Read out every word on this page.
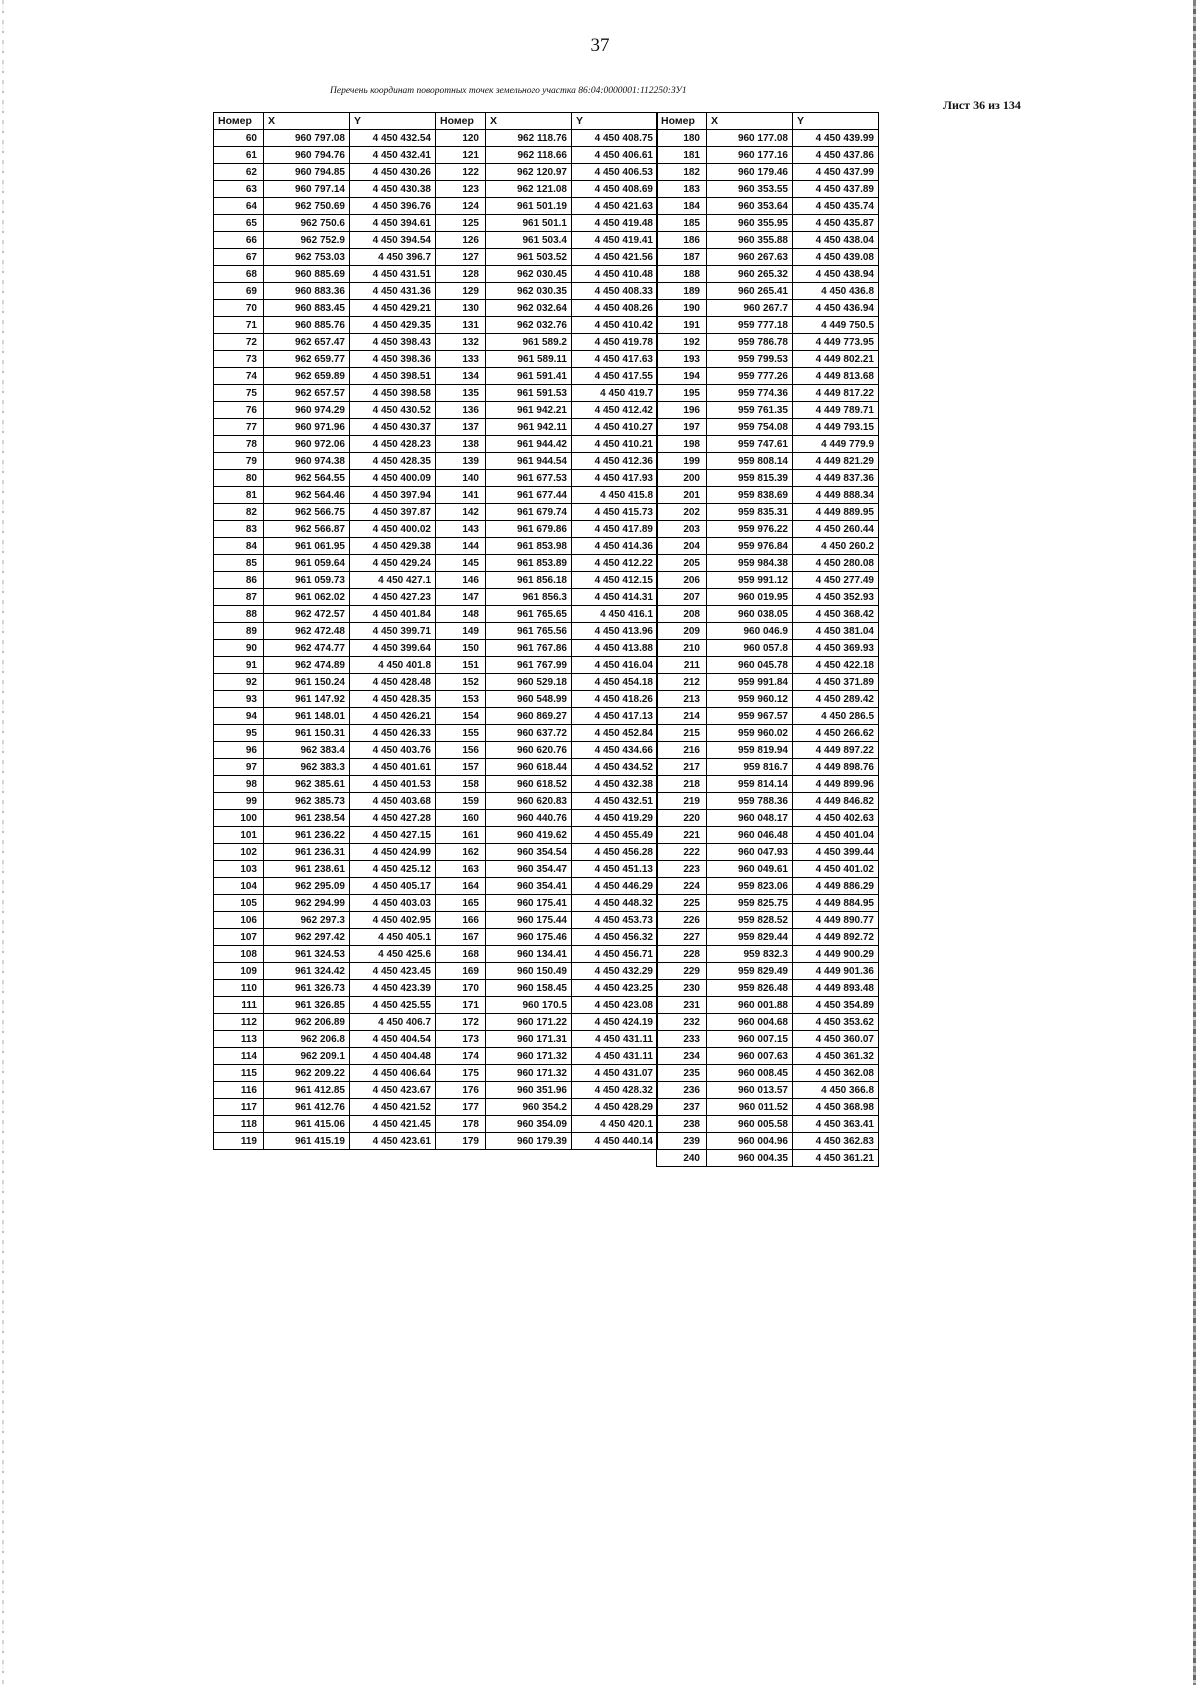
37
Перечень координат поворотных точек земельного участка 86:04:0000001:112250:ЗУ1
Лист 36 из 134
Номер	X	Y
60	960 797.08	4 450 432.54
61	960 794.76	4 450 432.41
62	960 794.85	4 450 430.26
63	960 797.14	4 450 430.38
64	962 750.69	4 450 396.76
65	962 750.6	4 450 394.61
66	962 752.9	4 450 394.54
67	962 753.03	4 450 396.7
68	960 885.69	4 450 431.51
69	960 883.36	4 450 431.36
70	960 883.45	4 450 429.21
71	960 885.76	4 450 429.35
72	962 657.47	4 450 398.43
73	962 659.77	4 450 398.36
74	962 659.89	4 450 398.51
75	962 657.57	4 450 398.58
76	960 974.29	4 450 430.52
77	960 971.96	4 450 430.37
78	960 972.06	4 450 428.23
79	960 974.38	4 450 428.35
80	962 564.55	4 450 400.09
81	962 564.46	4 450 397.94
82	962 566.75	4 450 397.87
83	962 566.87	4 450 400.02
84	961 061.95	4 450 429.38
85	961 059.64	4 450 429.24
86	961 059.73	4 450 427.1
87	961 062.02	4 450 427.23
88	962 472.57	4 450 401.84
89	962 472.48	4 450 399.71
90	962 474.77	4 450 399.64
91	962 474.89	4 450 401.8
92	961 150.24	4 450 428.48
93	961 147.92	4 450 428.35
94	961 148.01	4 450 426.21
95	961 150.31	4 450 426.33
96	962 383.4	4 450 403.76
97	962 383.3	4 450 401.61
98	962 385.61	4 450 401.53
99	962 385.73	4 450 403.68
100	961 238.54	4 450 427.28
101	961 236.22	4 450 427.15
102	961 236.31	4 450 424.99
103	961 238.61	4 450 425.12
104	962 295.09	4 450 405.17
105	962 294.99	4 450 403.03
106	962 297.3	4 450 402.95
107	962 297.42	4 450 405.1
108	961 324.53	4 450 425.6
109	961 324.42	4 450 423.45
110	961 326.73	4 450 423.39
111	961 326.85	4 450 425.55
112	962 206.89	4 450 406.7
113	962 206.8	4 450 404.54
114	962 209.1	4 450 404.48
115	962 209.22	4 450 406.64
116	961 412.85	4 450 423.67
117	961 412.76	4 450 421.52
118	961 415.06	4 450 421.45
119	961 415.19	4 450 423.61
Номер	X	Y
120	962 118.76	4 450 408.75
121	962 118.66	4 450 406.61
122	962 120.97	4 450 406.53
123	962 121.08	4 450 408.69
124	961 501.19	4 450 421.63
125	961 501.1	4 450 419.48
126	961 503.4	4 450 419.41
127	961 503.52	4 450 421.56
128	962 030.45	4 450 410.48
129	962 030.35	4 450 408.33
130	962 032.64	4 450 408.26
131	962 032.76	4 450 410.42
132	961 589.2	4 450 419.78
133	961 589.11	4 450 417.63
134	961 591.41	4 450 417.55
135	961 591.53	4 450 419.7
136	961 942.21	4 450 412.42
137	961 942.11	4 450 410.27
138	961 944.42	4 450 410.21
139	961 944.54	4 450 412.36
140	961 677.53	4 450 417.93
141	961 677.44	4 450 415.8
142	961 679.74	4 450 415.73
143	961 679.86	4 450 417.89
144	961 853.98	4 450 414.36
145	961 853.89	4 450 412.22
146	961 856.18	4 450 412.15
147	961 856.3	4 450 414.31
148	961 765.65	4 450 416.1
149	961 765.56	4 450 413.96
150	961 767.86	4 450 413.88
151	961 767.99	4 450 416.04
152	960 529.18	4 450 454.18
153	960 548.99	4 450 418.26
154	960 869.27	4 450 417.13
155	960 637.72	4 450 452.84
156	960 620.76	4 450 434.66
157	960 618.44	4 450 434.52
158	960 618.52	4 450 432.38
159	960 620.83	4 450 432.51
160	960 440.76	4 450 419.29
161	960 419.62	4 450 455.49
162	960 354.54	4 450 456.28
163	960 354.47	4 450 451.13
164	960 354.41	4 450 446.29
165	960 175.41	4 450 448.32
166	960 175.44	4 450 453.73
167	960 175.46	4 450 456.32
168	960 134.41	4 450 456.71
169	960 150.49	4 450 432.29
170	960 158.45	4 450 423.25
171	960 170.5	4 450 423.08
172	960 171.22	4 450 424.19
173	960 171.31	4 450 431.11
174	960 171.32	4 450 431.11
175	960 171.32	4 450 431.07
176	960 351.96	4 450 428.32
177	960 354.2	4 450 428.29
178	960 354.09	4 450 420.1
179	960 179.39	4 450 440.14
Номер	X	Y
180	960 177.08	4 450 439.99
181	960 177.16	4 450 437.86
182	960 179.46	4 450 437.99
183	960 353.55	4 450 437.89
184	960 353.64	4 450 435.74
185	960 355.95	4 450 435.87
186	960 355.88	4 450 438.04
187	960 267.63	4 450 439.08
188	960 265.32	4 450 438.94
189	960 265.41	4 450 436.8
190	960 267.7	4 450 436.94
191	959 777.18	4 449 750.5
192	959 786.78	4 449 773.95
193	959 799.53	4 449 802.21
194	959 777.26	4 449 813.68
195	959 774.36	4 449 817.22
196	959 761.35	4 449 789.71
197	959 754.08	4 449 793.15
198	959 747.61	4 449 779.9
199	959 808.14	4 449 821.29
200	959 815.39	4 449 837.36
201	959 838.69	4 449 888.34
202	959 835.31	4 449 889.95
203	959 976.22	4 450 260.44
204	959 976.84	4 450 260.2
205	959 984.38	4 450 280.08
206	959 991.12	4 450 277.49
207	960 019.95	4 450 352.93
208	960 038.05	4 450 368.42
209	960 046.9	4 450 381.04
210	960 057.8	4 450 369.93
211	960 045.78	4 450 422.18
212	959 991.84	4 450 371.89
213	959 960.12	4 450 289.42
214	959 967.57	4 450 286.5
215	959 960.02	4 450 266.62
216	959 819.94	4 449 897.22
217	959 816.7	4 449 898.76
218	959 814.14	4 449 899.96
219	959 788.36	4 449 846.82
220	960 048.17	4 450 402.63
221	960 046.48	4 450 401.04
222	960 047.93	4 450 399.44
223	960 049.61	4 450 401.02
224	959 823.06	4 449 886.29
225	959 825.75	4 449 884.95
226	959 828.52	4 449 890.77
227	959 829.44	4 449 892.72
228	959 832.3	4 449 900.29
229	959 829.49	4 449 901.36
230	959 826.48	4 449 893.48
231	960 001.88	4 450 354.89
232	960 004.68	4 450 353.62
233	960 007.15	4 450 360.07
234	960 007.63	4 450 361.32
235	960 008.45	4 450 362.08
236	960 013.57	4 450 366.8
237	960 011.52	4 450 368.98
238	960 005.58	4 450 363.41
239	960 004.96	4 450 362.83
240	960 004.35	4 450 361.21
